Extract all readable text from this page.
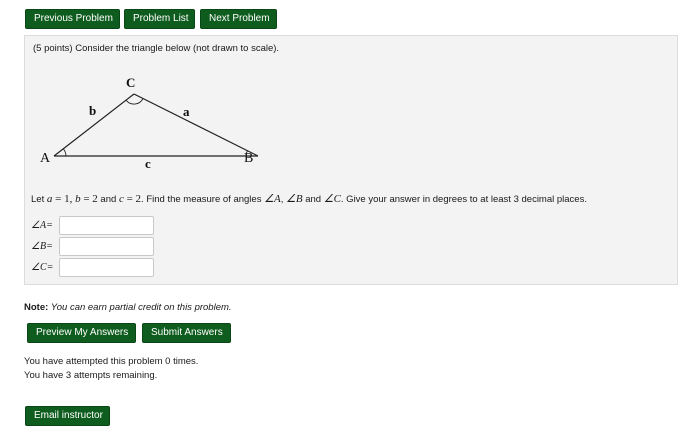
Previous Problem	Problem List	Next Problem
(5 points) Consider the triangle below (not drawn to scale).
A	B
C
a
b
c
Let a = 1, b = 2 and c = 2. Find the measure of angles ∠A, ∠B and ∠C. Give your answer in degrees to at least 3 decimal places.
∠A=
∠B=
∠C=
Note: You can earn partial credit on this problem.
Preview My Answers	Submit Answers
You have attempted this problem 0 times.
You have 3 attempts remaining.
Email instructor
